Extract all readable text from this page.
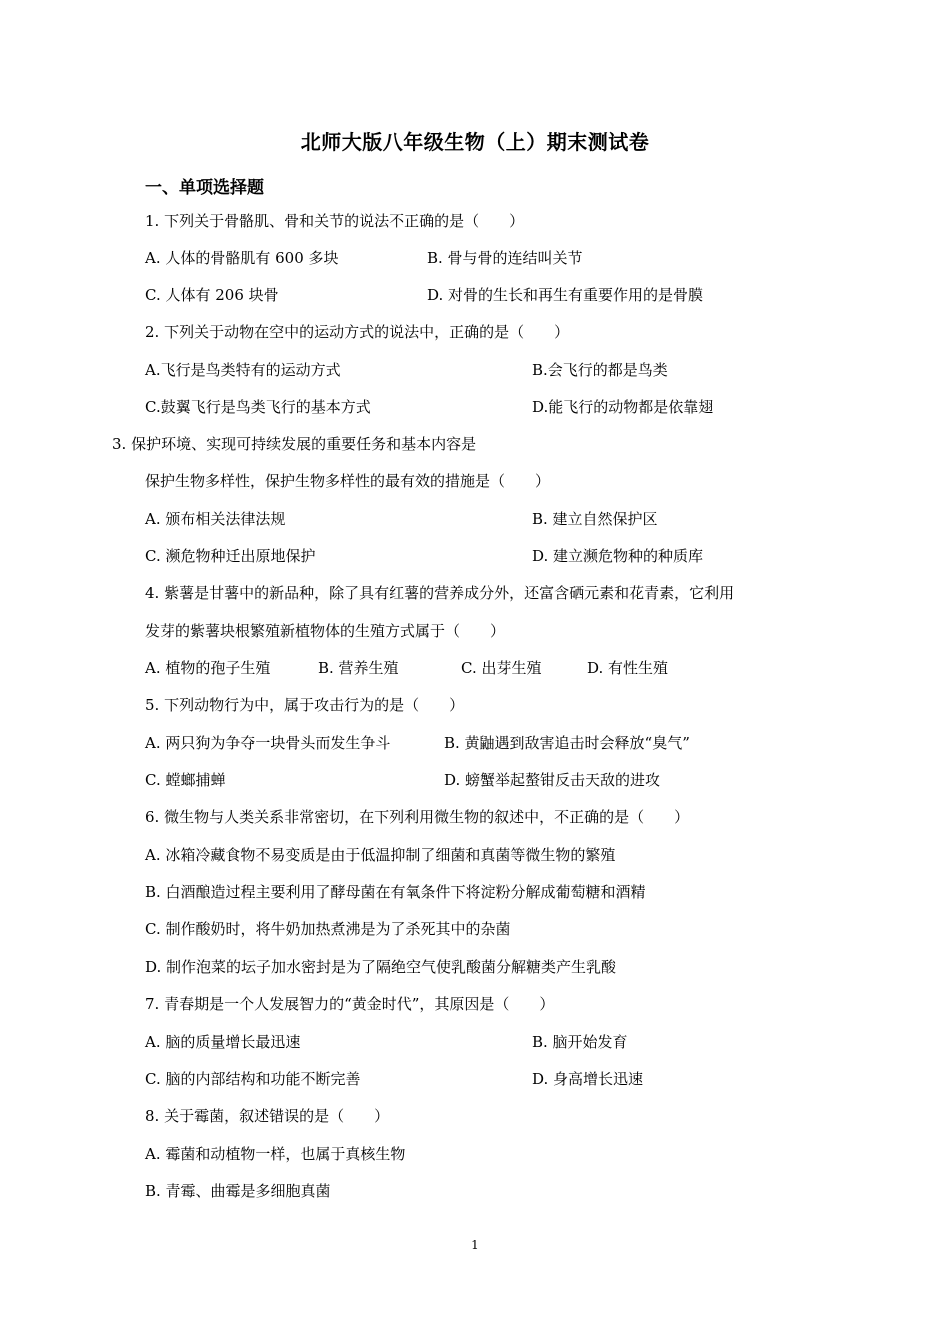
北师大版八年级生物（上）期末测试卷
一、单项选择题
1. 下列关于骨骼肌、骨和关节的说法不正确的是（　　）
A. 人体的骨骼肌有 600 多块	B. 骨与骨的连结叫关节
C. 人体有 206 块骨	D. 对骨的生长和再生有重要作用的是骨膜
2. 下列关于动物在空中的运动方式的说法中，正确的是（　　）
A.飞行是鸟类特有的运动方式	B.会飞行的都是鸟类
C.鼓翼飞行是鸟类飞行的基本方式	D.能飞行的动物都是依靠翅
3. 保护环境、实现可持续发展的重要任务和基本内容是
保护生物多样性，保护生物多样性的最有效的措施是（　　）
A. 颁布相关法律法规	B. 建立自然保护区
C. 濒危物种迁出原地保护	D. 建立濒危物种的种质库
4. 紫薯是甘薯中的新品种，除了具有红薯的营养成分外，还富含硒元素和花青素，它利用
发芽的紫薯块根繁殖新植物体的生殖方式属于（　　）
A. 植物的孢子生殖	B. 营养生殖	C. 出芽生殖	D. 有性生殖
5. 下列动物行为中，属于攻击行为的是（　　）
A. 两只狗为争夺一块骨头而发生争斗	B. 黄鼬遇到敌害追击时会释放“臭气”
C. 螳螂捕蝉	D. 螃蟹举起螯钳反击天敌的进攻
6. 微生物与人类关系非常密切，在下列利用微生物的叙述中，不正确的是（　　）
A. 冰箱冷藏食物不易变质是由于低温抑制了细菌和真菌等微生物的繁殖
B. 白酒酿造过程主要利用了酵母菌在有氧条件下将淀粉分解成葡萄糖和酒精
C. 制作酸奶时，将牛奶加热煮沸是为了杀死其中的杂菌
D. 制作泡菜的坛子加水密封是为了隔绝空气使乳酸菌分解糖类产生乳酸
7. 青春期是一个人发展智力的“黄金时代”，其原因是（　　）
A. 脑的质量增长最迅速	B. 脑开始发育
C. 脑的内部结构和功能不断完善	D. 身高增长迅速
8. 关于霉菌，叙述错误的是（　　）
A. 霉菌和动植物一样，也属于真核生物
B. 青霉、曲霉是多细胞真菌
1
